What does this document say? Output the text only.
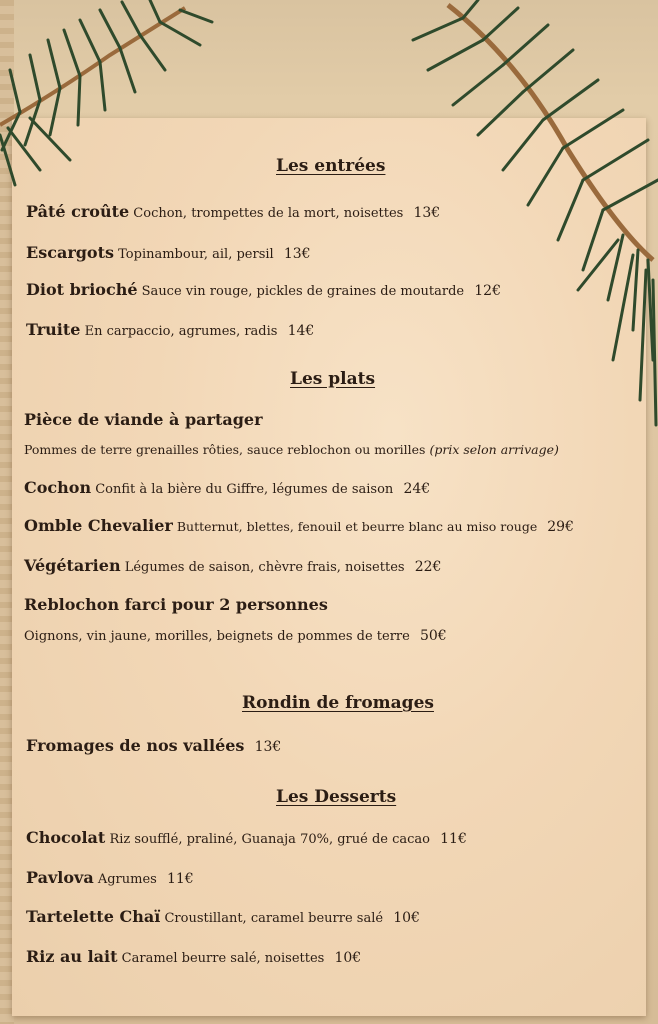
Les entrées
Pâté croûte Cochon, trompettes de la mort, noisettes 13€
Escargots Topinambour, ail, persil 13€
Diot brioché Sauce vin rouge, pickles de graines de moutarde 12€
Truite En carpaccio, agrumes, radis 14€
Les plats
Pièce de viande à partager
Pommes de terre grenailles rôties, sauce reblochon ou morilles (prix selon arrivage)
Cochon Confit à la bière du Giffre, légumes de saison 24€
Omble Chevalier Butternut, blettes, fenouil et beurre blanc au miso rouge 29€
Végétarien Légumes de saison, chèvre frais, noisettes 22€
Reblochon farci pour 2 personnes
Oignons, vin jaune, morilles, beignets de pommes de terre 50€
Rondin de fromages
Fromages de nos vallées 13€
Les Desserts
Chocolat Riz soufflé, praliné, Guanaja 70%, grué de cacao 11€
Pavlova Agrumes 11€
Tartelette Chaï Croustillant, caramel beurre salé 10€
Riz au lait Caramel beurre salé, noisettes 10€
